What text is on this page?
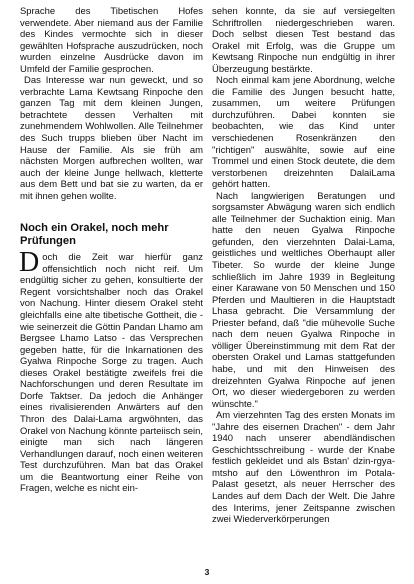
Sprache des Tibetischen Hofes verwendete. Aber niemand aus der Familie des Kindes vermochte sich in dieser gewählten Hofsprache auszudrücken, noch wurden einzelne Ausdrücke davon im Umfeld der Familie gesprochen.

Das Interesse war nun geweckt, und so verbrachte Lama Kewtsang Rinpoche den ganzen Tag mit dem kleinen Jungen, betrachtete dessen Verhalten mit zunehmendem Wohlwollen. Alle Teilnehmer des Such trupps blieben über Nacht im Hause der Familie. Als sie früh am nächsten Morgen aufbrechen wollten, war auch der kleine Junge hellwach, kletterte aus dem Bett und bat sie zu warten, da er mit ihnen gehen wollte.

Noch ein Orakel, noch mehr Prüfungen

Doch die Zeit war hierfür ganz offensichtlich noch nicht reif. Um endgültig sicher zu gehen, konsultierte der Regent vorsichtshalber noch das Orakel von Nachung. Hinter diesem Orakel steht gleichfalls eine alte tibetische Gottheit, die - wie seinerzeit die Göttin Pandan Lhamo am Bergsee Lhamo Latso - das Versprechen gegeben hatte, für die Inkarnationen des Gyalwa Rinpoche Sorge zu tragen. Auch dieses Orakel bestätigte zweifels frei die Nachforschungen und deren Resultate im Dorfe Taktser. Da jedoch die Anhänger eines rivalisierenden Anwärters auf den Thron des Dalai-Lama argwöhnten, das Orakel von Nachung könnte parteiisch sein, einigte man sich nach längeren Verhandlungen darauf, noch einen weiteren Test durchzuführen. Man bat das Orakel um die Beantwortung einer Reihe von Fragen, welche es nicht ein-

sehen konnte, da sie auf versiegelten Schriftrollen niedergeschrieben waren. Doch selbst diesen Test bestand das Orakel mit Erfolg, was die Gruppe um Kewtsang Rinpoche nun endgültig in ihrer Überzeugung bestärkte.

Noch einmal kam jene Abordnung, welche die Familie des Jungen besucht hatte, zusammen, um weitere Prüfungen durchzuführen. Dabei konnten sie beobachten, wie das Kind unter verschiedenen Rosenkränzen den "richtigen" auswählte, sowie auf eine Trommel und einen Stock deutete, die dem verstorbenen dreizehnten DalaiLama gehört hatten.

Nach langwierigen Beratungen und sorgsamster Abwägung waren sich endlich alle Teilnehmer der Suchaktion einig. Man hatte den neuen Gyalwa Rinpoche gefunden, den vierzehnten Dalai-Lama, geistliches und weltliches Oberhaupt aller Tibeter. So wurde der kleine Junge schließlich im Jahre 1939 in Begleitung einer Karawane von 50 Menschen und 150 Pferden und Maultieren in die Hauptstadt Lhasa gebracht. Die Versammlung der Priester befand, daß "die mühevolle Suche nach dem neuen Gyalwa Rinpoche in völliger Übereinstimmung mit dem Rat der obersten Orakel und Lamas stattgefunden habe, und mit den Hinweisen des dreizehnten Gyalwa Rinpoche auf jenen Ort, wo dieser wiedergeboren zu werden wünschte."

Am vierzehnten Tag des ersten Monats im "Jahre des eisernen Drachen" - dem Jahr 1940 nach unserer abendländischen Geschichtsschreibung - wurde der Knabe festlich gekleidet und als Bstan' dzin-rgya-mtsho auf den Löwenthron im Potala-Palast gesetzt, als neuer Herrscher des Landes auf dem Dach der Welt. Die Jahre des Interims, jener Zeitspanne zwischen zwei Wiederverkörperungen

3
